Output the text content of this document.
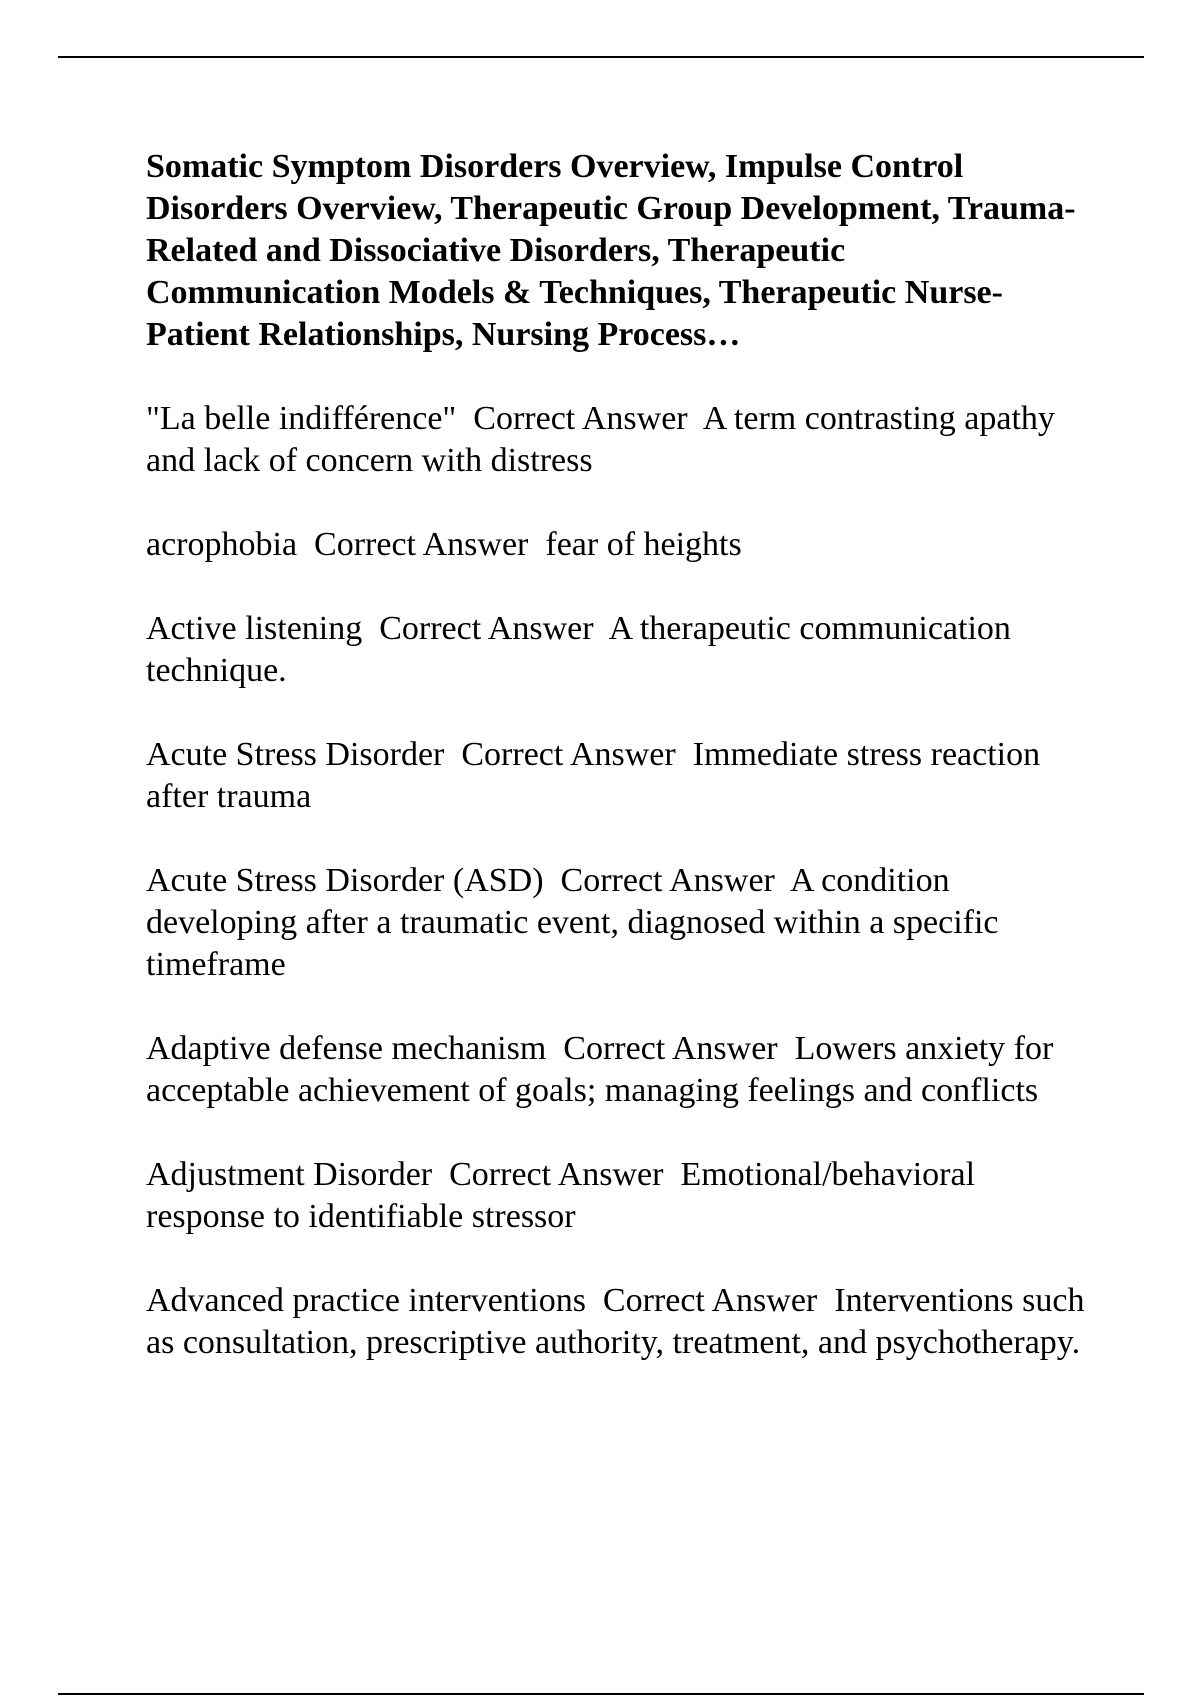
Somatic Symptom Disorders Overview, Impulse Control Disorders Overview, Therapeutic Group Development, Trauma-Related and Dissociative Disorders, Therapeutic Communication Models & Techniques, Therapeutic Nurse-Patient Relationships, Nursing Process…
"La belle indifférence"  Correct Answer  A term contrasting apathy and lack of concern with distress
acrophobia  Correct Answer  fear of heights
Active listening  Correct Answer  A therapeutic communication technique.
Acute Stress Disorder  Correct Answer  Immediate stress reaction after trauma
Acute Stress Disorder (ASD)  Correct Answer  A condition developing after a traumatic event, diagnosed within a specific timeframe
Adaptive defense mechanism  Correct Answer  Lowers anxiety for acceptable achievement of goals; managing feelings and conflicts
Adjustment Disorder  Correct Answer  Emotional/behavioral response to identifiable stressor
Advanced practice interventions  Correct Answer  Interventions such as consultation, prescriptive authority, treatment, and psychotherapy.
